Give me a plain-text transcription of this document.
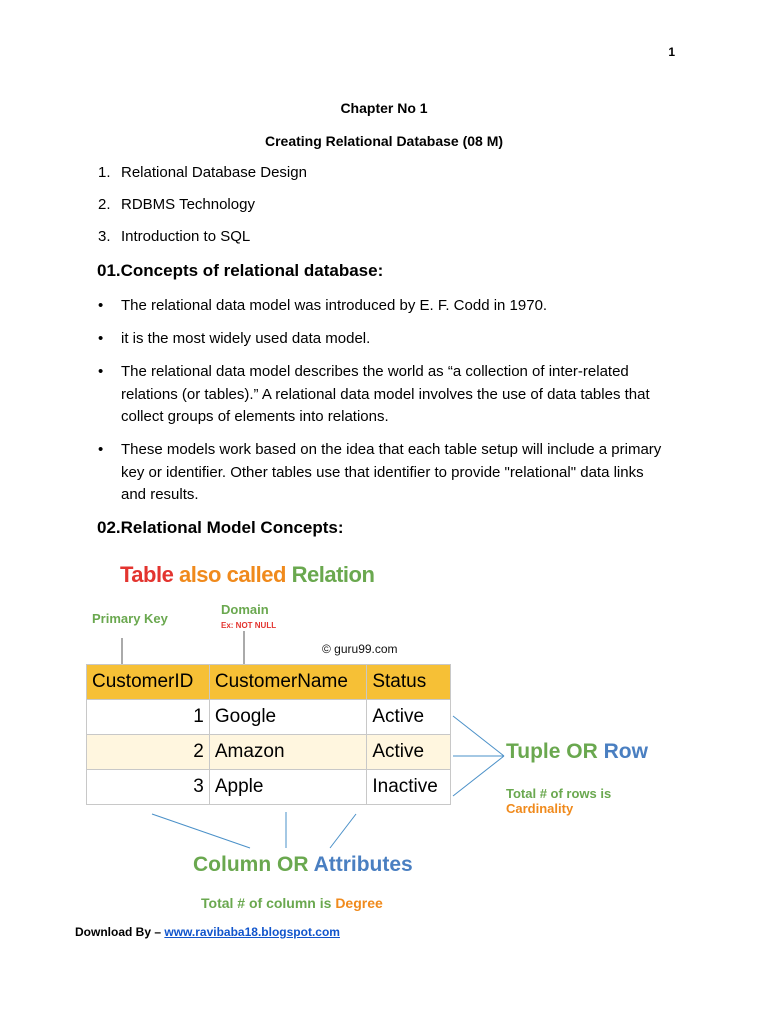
1
Chapter No 1
Creating Relational Database (08 M)
1. Relational Database Design
2. RDBMS Technology
3. Introduction to SQL
01.Concepts of relational database:
• The relational data model was introduced by E. F. Codd in 1970.
• it is the most widely used data model.
• The relational data model describes the world as “a collection of inter-related relations (or tables).” A relational data model involves the use of data tables that collect groups of elements into relations.
• These models work based on the idea that each table setup will include a primary key or identifier. Other tables use that identifier to provide "relational" data links and results.
02.Relational Model Concepts:
Table also called Relation
Primary Key
Domain
Ex: NOT NULL
© guru99.com
CustomerID	CustomerName	Status
1	Google	Active
2	Amazon	Active
3	Apple	Inactive
Tuple OR Row
Total # of rows is Cardinality
Column OR Attributes
Total # of column is Degree
Download By – www.ravibaba18.blogspot.com
